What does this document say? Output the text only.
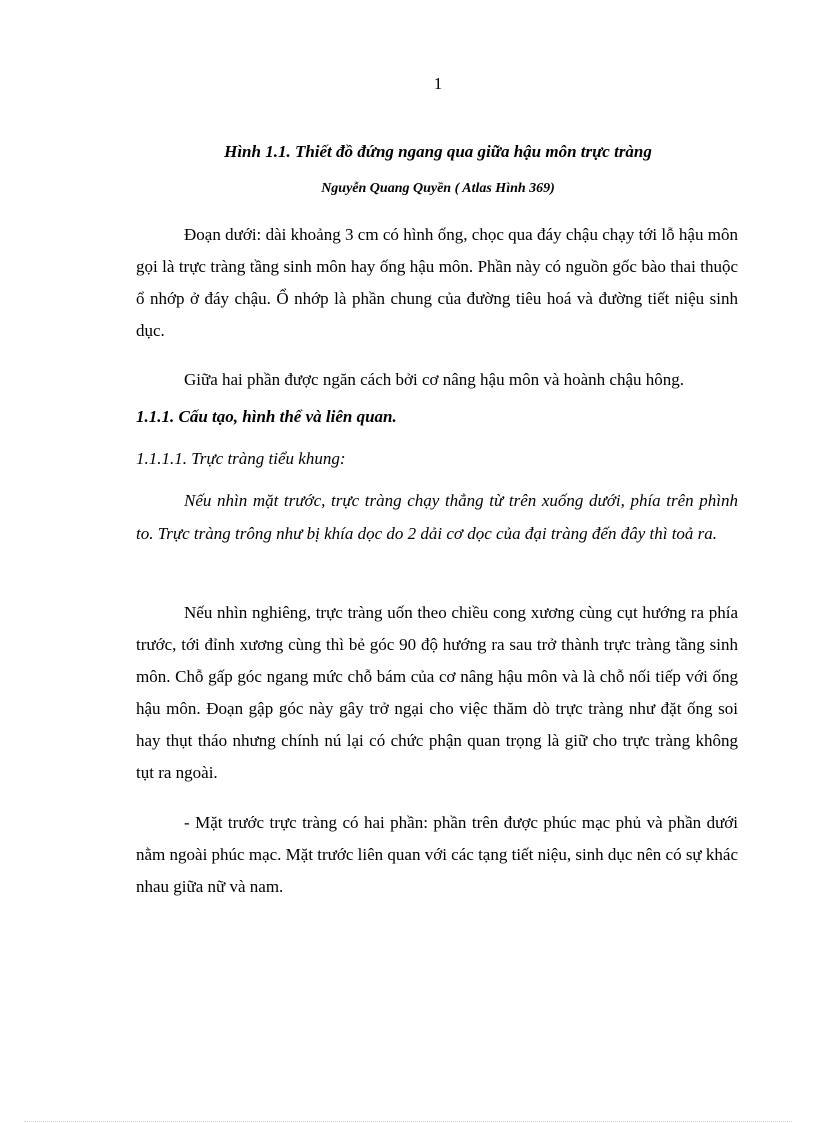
1
Hình 1.1. Thiết đồ đứng ngang qua giữa hậu môn trực tràng
Nguyễn Quang Quyền ( Atlas Hình 369)

Đoạn dưới: dài khoảng 3 cm có hình ống, chọc qua đáy chậu chạy tới lỗ hậu môn gọi là trực tràng tầng sinh môn hay ống hậu môn. Phần này có nguồn gốc bào thai thuộc ổ nhớp ở đáy chậu. Ổ nhớp là phần chung của đường tiêu hoá và đường tiết niệu sinh dục.

Giữa hai phần được ngăn cách bởi cơ nâng hậu môn và hoành chậu hông.

1.1.1. Cấu tạo, hình thể và liên quan.
1.1.1.1. Trực tràng tiểu khung:

Nếu nhìn mặt trước, trực tràng chạy thẳng từ trên xuống dưới, phía trên phình to. Trực tràng trông như bị khía dọc do 2 dải cơ dọc của đại tràng đến đây thì toả ra.

Nếu nhìn nghiêng, trực tràng uốn theo chiều cong xương cùng cụt hướng ra phía trước, tới đỉnh xương cùng thì bẻ góc 90 độ hướng ra sau trở thành trực tràng tầng sinh môn. Chỗ gấp góc ngang mức chỗ bám của cơ nâng hậu môn và là chỗ nối tiếp với ống hậu môn. Đoạn gập góc này gây trở ngại cho việc thăm dò trực tràng như đặt ống soi hay thụt tháo nhưng chính nú lại có chức phận quan trọng là giữ cho trực tràng không tụt ra ngoài.

- Mặt trước trực tràng có hai phần: phần trên được phúc mạc phủ và phần dưới nằm ngoài phúc mạc. Mặt trước liên quan với các tạng tiết niệu, sinh dục nên có sự khác nhau giữa nữ và nam.
